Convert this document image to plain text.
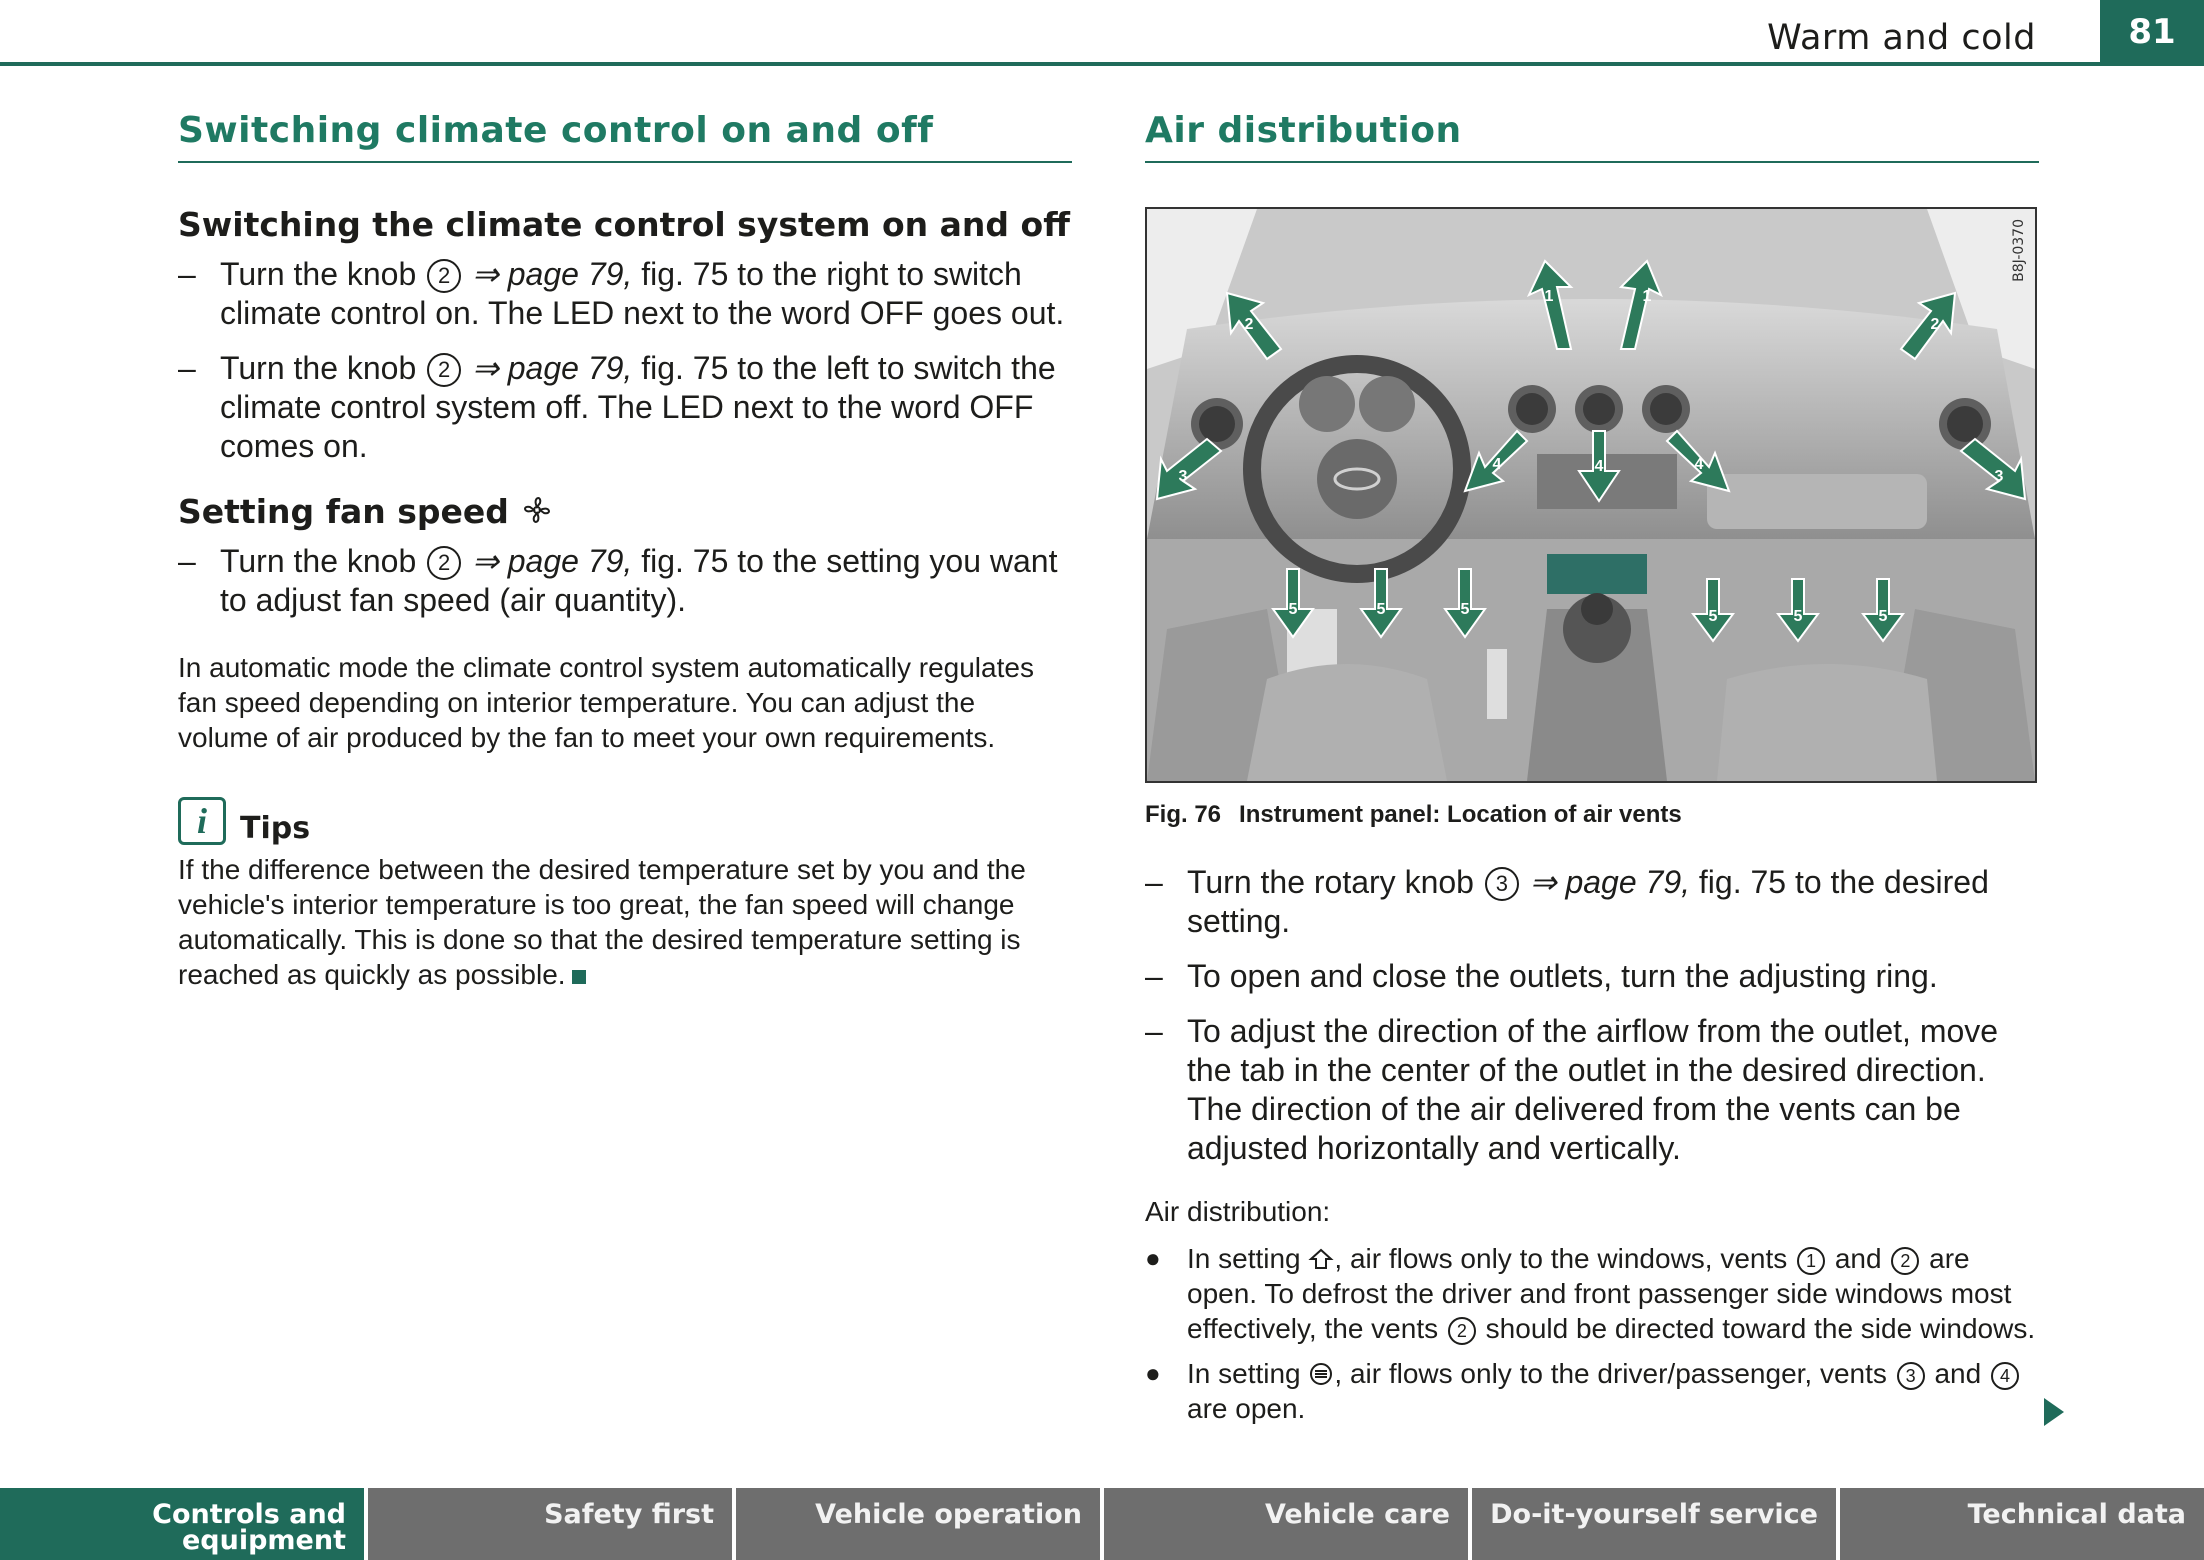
Warm and cold	81
Switching climate control on and off
Switching the climate control system on and off
– Turn the knob 2 ⇒ page 79, fig. 75 to the right to switch climate control on. The LED next to the word OFF goes out.
– Turn the knob 2 ⇒ page 79, fig. 75 to the left to switch the climate control system off. The LED next to the word OFF comes on.
Setting fan speed
– Turn the knob 2 ⇒ page 79, fig. 75 to the setting you want to adjust fan speed (air quantity).
In automatic mode the climate control system automatically regulates fan speed depending on interior temperature. You can adjust the volume of air produced by the fan to meet your own requirements.
i	Tips
If the difference between the desired temperature set by you and the vehicle's interior temperature is too great, the fan speed will change automatically. This is done so that the desired temperature setting is reached as quickly as possible.
Air distribution
1	1
2	2
3	3
4	4	4
5	5	5	5	5	5
B8J-0370
Fig. 76 Instrument panel: Location of air vents
– Turn the rotary knob 3 ⇒ page 79, fig. 75 to the desired setting.
– To open and close the outlets, turn the adjusting ring.
– To adjust the direction of the airflow from the outlet, move the tab in the center of the outlet in the desired direction. The direction of the air delivered from the vents can be adjusted horizontally and vertically.
Air distribution:
● In setting , air flows only to the windows, vents 1 and 2 are open. To defrost the driver and front passenger side windows most effectively, the vents 2 should be directed toward the side windows.
● In setting , air flows only to the driver/passenger, vents 3 and 4 are open.
Controls and equipment
Safety first	Vehicle operation	Vehicle care	Do-it-yourself service	Technical data
